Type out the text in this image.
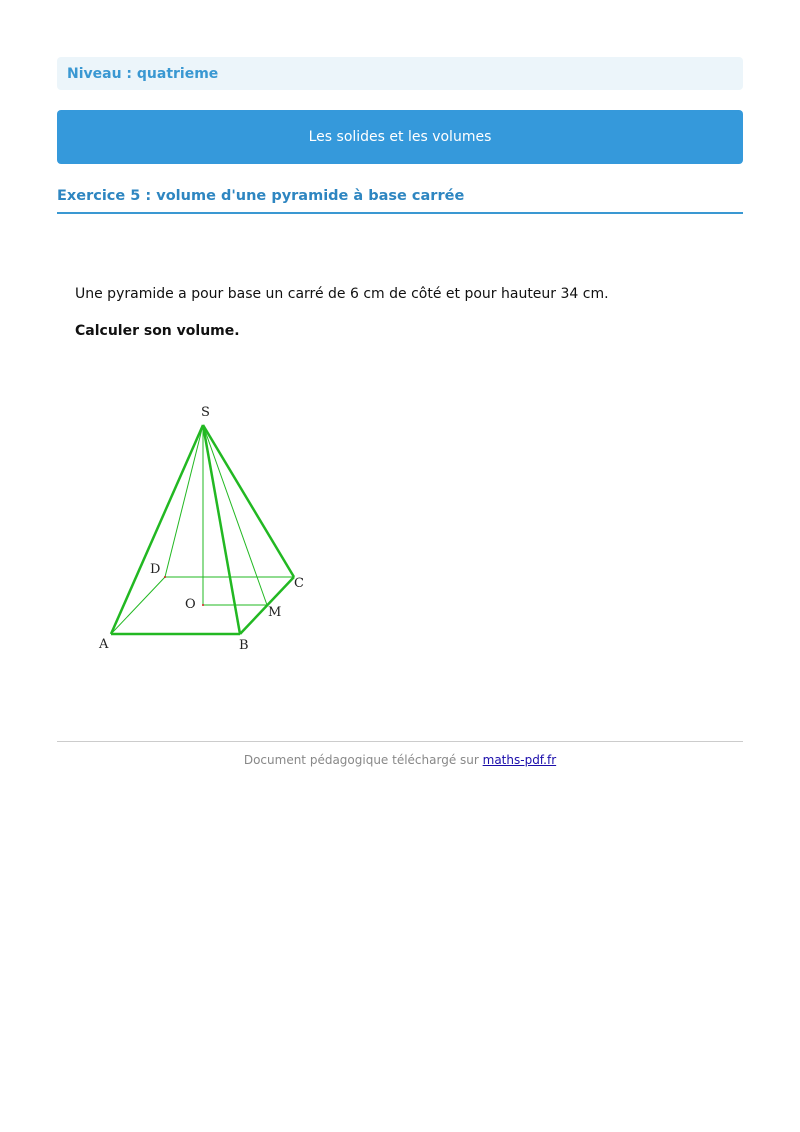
Niveau : quatrieme
Les solides et les volumes
Exercice 5 : volume d'une pyramide à base carrée
Une pyramide a pour base un carré de 6 cm de côté et pour hauteur 34 cm.
Calculer son volume.
S
D
C
O
M
A	B
Document pédagogique téléchargé sur maths-pdf.fr
